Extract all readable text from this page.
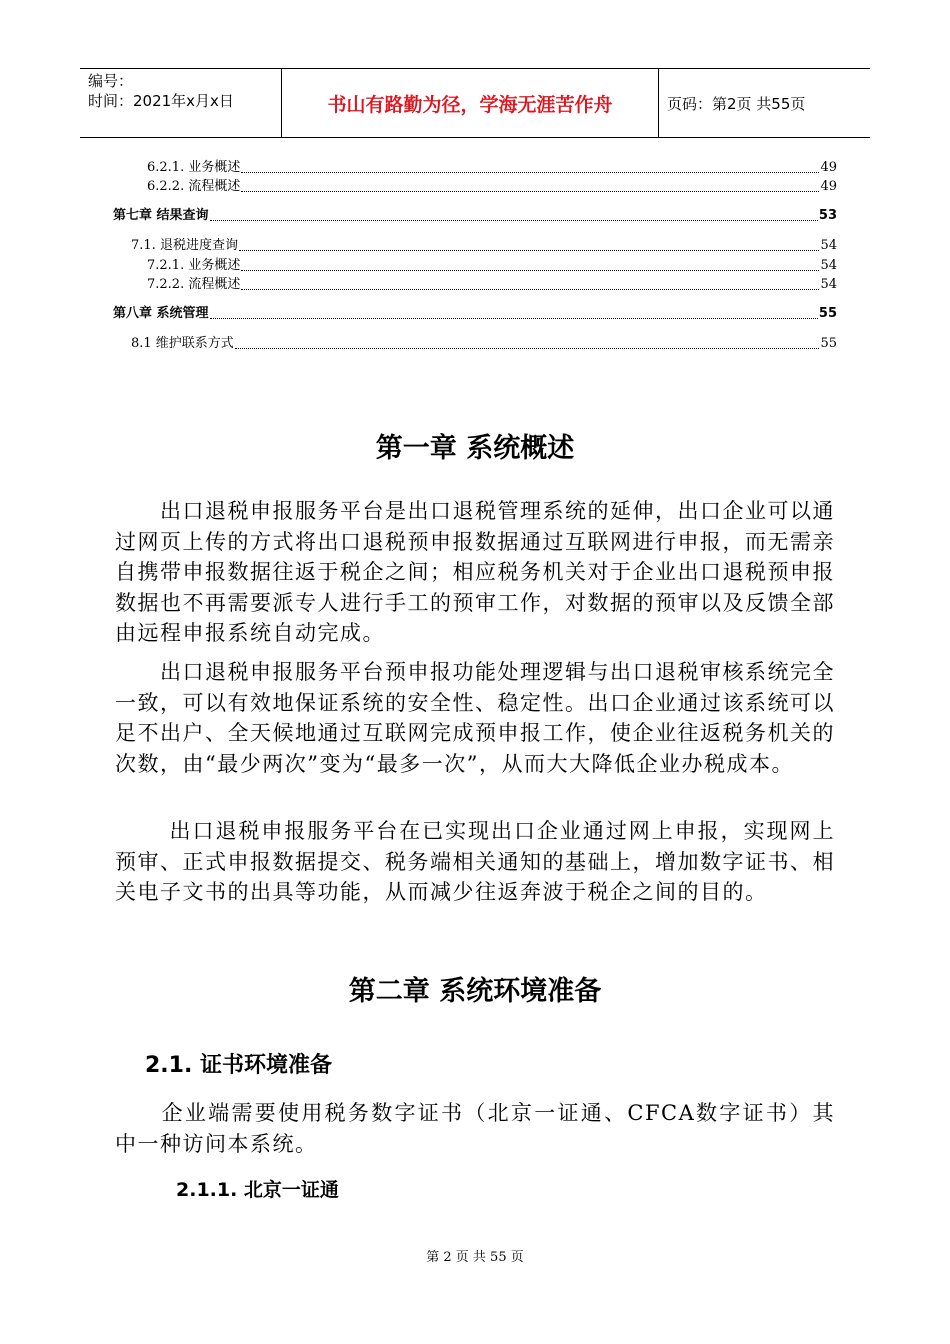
编号：
时间：2021年x月x日	书山有路勤为径，学海无涯苦作舟	页码：第2页 共55页
6.2.1. 业务概述	49
6.2.2. 流程概述	49
第七章 结果查询	53
7.1. 退税进度查询	54
7.2.1. 业务概述	54
7.2.2. 流程概述	54
第八章 系统管理	55
8.1 维护联系方式	55
第一章 系统概述
　　出口退税申报服务平台是出口退税管理系统的延伸，出口企业可以通过网页上传的方式将出口退税预申报数据通过互联网进行申报，而无需亲自携带申报数据往返于税企之间；相应税务机关对于企业出口退税预申报数据也不再需要派专人进行手工的预审工作，对数据的预审以及反馈全部由远程申报系统自动完成。
　　出口退税申报服务平台预申报功能处理逻辑与出口退税审核系统完全一致，可以有效地保证系统的安全性、稳定性。出口企业通过该系统可以足不出户、全天候地通过互联网完成预申报工作，使企业往返税务机关的次数，由“最少两次”变为“最多一次”，从而大大降低企业办税成本。
　　 出口退税申报服务平台在已实现出口企业通过网上申报，实现网上预审、正式申报数据提交、税务端相关通知的基础上，增加数字证书、相关电子文书的出具等功能，从而减少往返奔波于税企之间的目的。
第二章 系统环境准备
2.1. 证书环境准备
　　企业端需要使用税务数字证书（北京一证通、CFCA数字证书）其中一种访问本系统。
2.1.1. 北京一证通
第 2 页 共 55 页
